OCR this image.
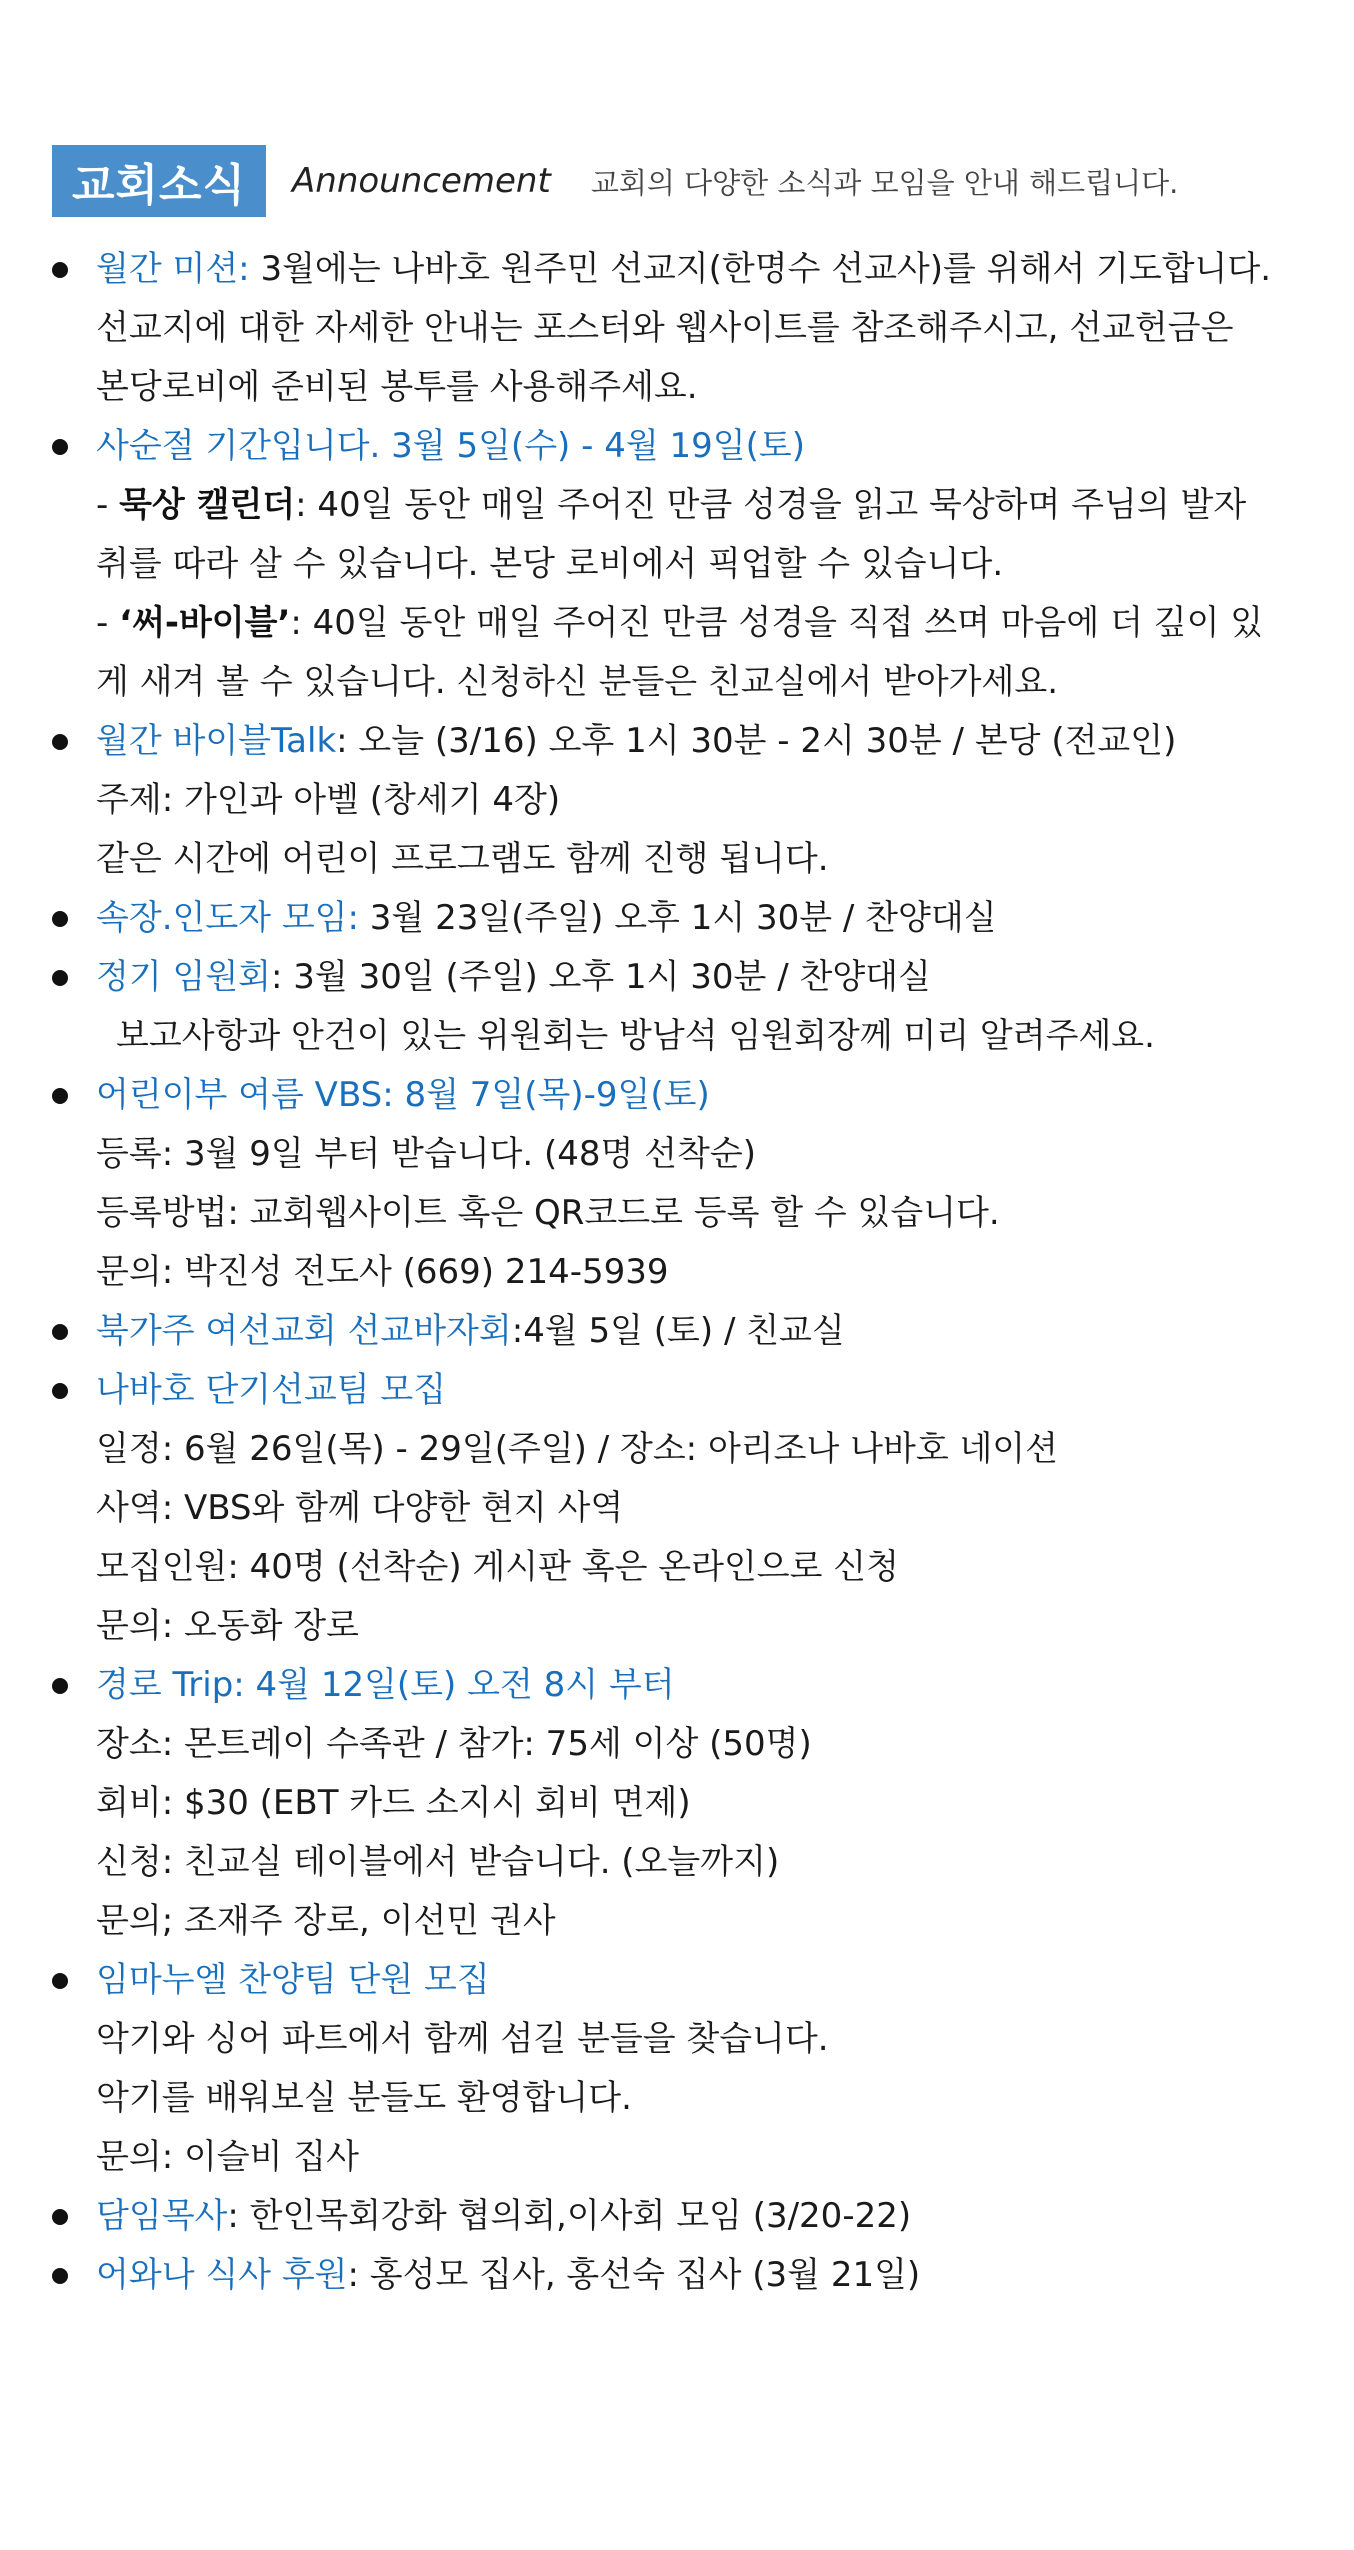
교회소식	Announcement 교회의 다양한 소식과 모임을 안내 해드립니다.
월간 미션: 3월에는 나바호 원주민 선교지(한명수 선교사)를 위해서 기도합니다.
선교지에 대한 자세한 안내는 포스터와 웹사이트를 참조해주시고, 선교헌금은
본당로비에 준비된 봉투를 사용해주세요.
사순절 기간입니다. 3월 5일(수) - 4월 19일(토)
- 묵상 캘린더: 40일 동안 매일 주어진 만큼 성경을 읽고 묵상하며 주님의 발자
취를 따라 살 수 있습니다. 본당 로비에서 픽업할 수 있습니다.
- ‘써-바이블’: 40일 동안 매일 주어진 만큼 성경을 직접 쓰며 마음에 더 깊이 있
게 새겨 볼 수 있습니다. 신청하신 분들은 친교실에서 받아가세요.
월간 바이블Talk: 오늘 (3/16) 오후 1시 30분 - 2시 30분 / 본당 (전교인)
주제: 가인과 아벨 (창세기 4장)
같은 시간에 어린이 프로그램도 함께 진행 됩니다.
속장.인도자 모임: 3월 23일(주일) 오후 1시 30분 / 찬양대실
정기 임원회: 3월 30일 (주일) 오후 1시 30분 / 찬양대실
보고사항과 안건이 있는 위원회는 방남석 임원회장께 미리 알려주세요.
어린이부 여름 VBS: 8월 7일(목)-9일(토)
등록: 3월 9일 부터 받습니다. (48명 선착순)
등록방법: 교회웹사이트 혹은 QR코드로 등록 할 수 있습니다.
문의: 박진성 전도사 (669) 214-5939
북가주 여선교회 선교바자회:4월 5일 (토) / 친교실
나바호 단기선교팀 모집
일정: 6월 26일(목) - 29일(주일) / 장소: 아리조나 나바호 네이션
사역: VBS와 함께 다양한 현지 사역
모집인원: 40명 (선착순) 게시판 혹은 온라인으로 신청
문의: 오동화 장로
경로 Trip: 4월 12일(토) 오전 8시 부터
장소: 몬트레이 수족관 / 참가: 75세 이상 (50명)
회비: $30 (EBT 카드 소지시 회비 면제)
신청: 친교실 테이블에서 받습니다. (오늘까지)
문의; 조재주 장로, 이선민 권사
임마누엘 찬양팀 단원 모집
악기와 싱어 파트에서 함께 섬길 분들을 찾습니다.
악기를 배워보실 분들도 환영합니다.
문의: 이슬비 집사
담임목사: 한인목회강화 협의회,이사회 모임 (3/20-22)
어와나 식사 후원: 홍성모 집사, 홍선숙 집사 (3월 21일)
